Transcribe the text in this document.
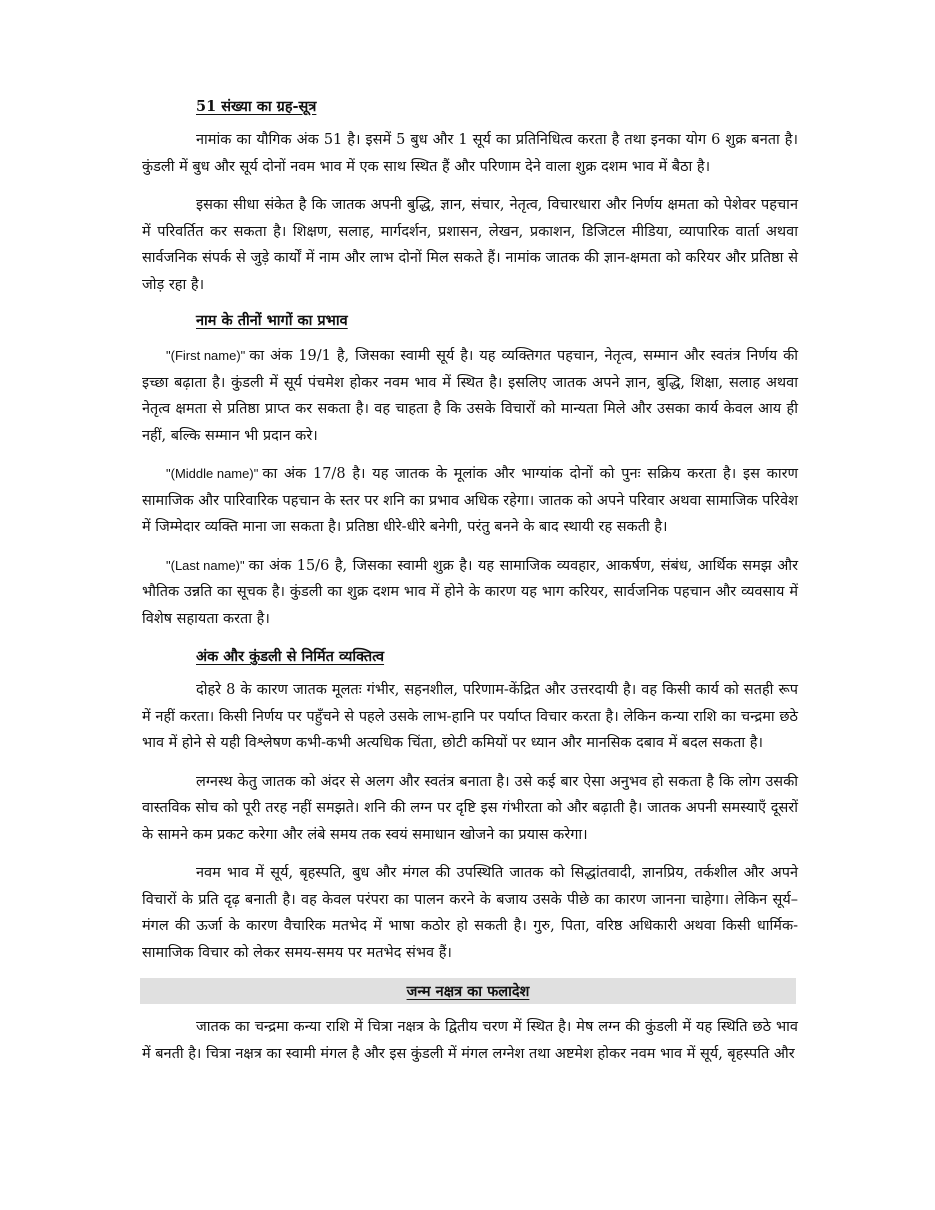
51 संख्या का ग्रह-सूत्र

नामांक का यौगिक अंक 51 है। इसमें 5 बुध और 1 सूर्य का प्रतिनिधित्व करता है तथा इनका योग 6 शुक्र बनता है। कुंडली में बुध और सूर्य दोनों नवम भाव में एक साथ स्थित हैं और परिणाम देने वाला शुक्र दशम भाव में बैठा है।

इसका सीधा संकेत है कि जातक अपनी बुद्धि, ज्ञान, संचार, नेतृत्व, विचारधारा और निर्णय क्षमता को पेशेवर पहचान में परिवर्तित कर सकता है। शिक्षण, सलाह, मार्गदर्शन, प्रशासन, लेखन, प्रकाशन, डिजिटल मीडिया, व्यापारिक वार्ता अथवा सार्वजनिक संपर्क से जुड़े कार्यों में नाम और लाभ दोनों मिल सकते हैं। नामांक जातक की ज्ञान-क्षमता को करियर और प्रतिष्ठा से जोड़ रहा है।

नाम के तीनों भागों का प्रभाव

"(First name)" का अंक 19/1 है, जिसका स्वामी सूर्य है। यह व्यक्तिगत पहचान, नेतृत्व, सम्मान और स्वतंत्र निर्णय की इच्छा बढ़ाता है। कुंडली में सूर्य पंचमेश होकर नवम भाव में स्थित है। इसलिए जातक अपने ज्ञान, बुद्धि, शिक्षा, सलाह अथवा नेतृत्व क्षमता से प्रतिष्ठा प्राप्त कर सकता है। वह चाहता है कि उसके विचारों को मान्यता मिले और उसका कार्य केवल आय ही नहीं, बल्कि सम्मान भी प्रदान करे।

"(Middle name)" का अंक 17/8 है। यह जातक के मूलांक और भाग्यांक दोनों को पुनः सक्रिय करता है। इस कारण सामाजिक और पारिवारिक पहचान के स्तर पर शनि का प्रभाव अधिक रहेगा। जातक को अपने परिवार अथवा सामाजिक परिवेश में जिम्मेदार व्यक्ति माना जा सकता है। प्रतिष्ठा धीरे-धीरे बनेगी, परंतु बनने के बाद स्थायी रह सकती है।

"(Last name)" का अंक 15/6 है, जिसका स्वामी शुक्र है। यह सामाजिक व्यवहार, आकर्षण, संबंध, आर्थिक समझ और भौतिक उन्नति का सूचक है। कुंडली का शुक्र दशम भाव में होने के कारण यह भाग करियर, सार्वजनिक पहचान और व्यवसाय में विशेष सहायता करता है।

अंक और कुंडली से निर्मित व्यक्तित्व

दोहरे 8 के कारण जातक मूलतः गंभीर, सहनशील, परिणाम-केंद्रित और उत्तरदायी है। वह किसी कार्य को सतही रूप में नहीं करता। किसी निर्णय पर पहुँचने से पहले उसके लाभ-हानि पर पर्याप्त विचार करता है। लेकिन कन्या राशि का चन्द्रमा छठे भाव में होने से यही विश्लेषण कभी-कभी अत्यधिक चिंता, छोटी कमियों पर ध्यान और मानसिक दबाव में बदल सकता है।

लग्नस्थ केतु जातक को अंदर से अलग और स्वतंत्र बनाता है। उसे कई बार ऐसा अनुभव हो सकता है कि लोग उसकी वास्तविक सोच को पूरी तरह नहीं समझते। शनि की लग्न पर दृष्टि इस गंभीरता को और बढ़ाती है। जातक अपनी समस्याएँ दूसरों के सामने कम प्रकट करेगा और लंबे समय तक स्वयं समाधान खोजने का प्रयास करेगा।

नवम भाव में सूर्य, बृहस्पति, बुध और मंगल की उपस्थिति जातक को सिद्धांतवादी, ज्ञानप्रिय, तर्कशील और अपने विचारों के प्रति दृढ़ बनाती है। वह केवल परंपरा का पालन करने के बजाय उसके पीछे का कारण जानना चाहेगा। लेकिन सूर्य–मंगल की ऊर्जा के कारण वैचारिक मतभेद में भाषा कठोर हो सकती है। गुरु, पिता, वरिष्ठ अधिकारी अथवा किसी धार्मिक-सामाजिक विचार को लेकर समय-समय पर मतभेद संभव हैं।

जन्म नक्षत्र का फलादेश

जातक का चन्द्रमा कन्या राशि में चित्रा नक्षत्र के द्वितीय चरण में स्थित है। मेष लग्न की कुंडली में यह स्थिति छठे भाव में बनती है। चित्रा नक्षत्र का स्वामी मंगल है और इस कुंडली में मंगल लग्नेश तथा अष्टमेश होकर नवम भाव में सूर्य, बृहस्पति और
